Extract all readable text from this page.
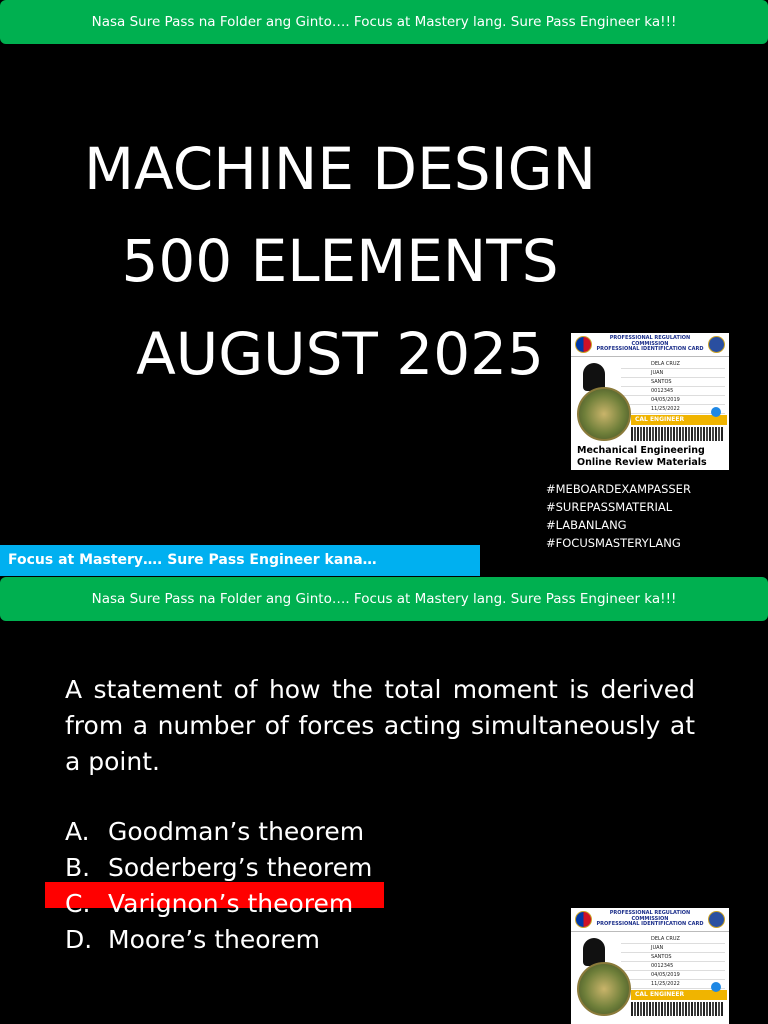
Nasa Sure Pass na Folder ang Ginto…. Focus at Mastery lang. Sure Pass Engineer ka!!!
MACHINE DESIGN
500 ELEMENTS
AUGUST 2025	PROFESSIONAL REGULATION COMMISSION
PROFESSIONAL IDENTIFICATION CARD
DELA CRUZ
JUAN
SANTOS
0012345
04/05/2019
11/25/2022
CAL ENGINEER
Mechanical Engineering Online Review Materials
#MEBOARDEXAMPASSER
#SUREPASSMATERIAL
#LABANLANG
#FOCUSMASTERYLANG
Focus at Mastery…. Sure Pass Engineer kana…
Nasa Sure Pass na Folder ang Ginto…. Focus at Mastery lang. Sure Pass Engineer ka!!!
A statement of how the total moment is derived from a number of forces acting simultaneously at a point.
A. Goodman’s theorem
B. Soderberg’s theorem
C. Varignon’s theorem
D. Moore’s theorem
PROFESSIONAL REGULATION COMMISSION
PROFESSIONAL IDENTIFICATION CARD
DELA CRUZ
JUAN
SANTOS
0012345
04/05/2019
11/25/2022
CAL ENGINEER
